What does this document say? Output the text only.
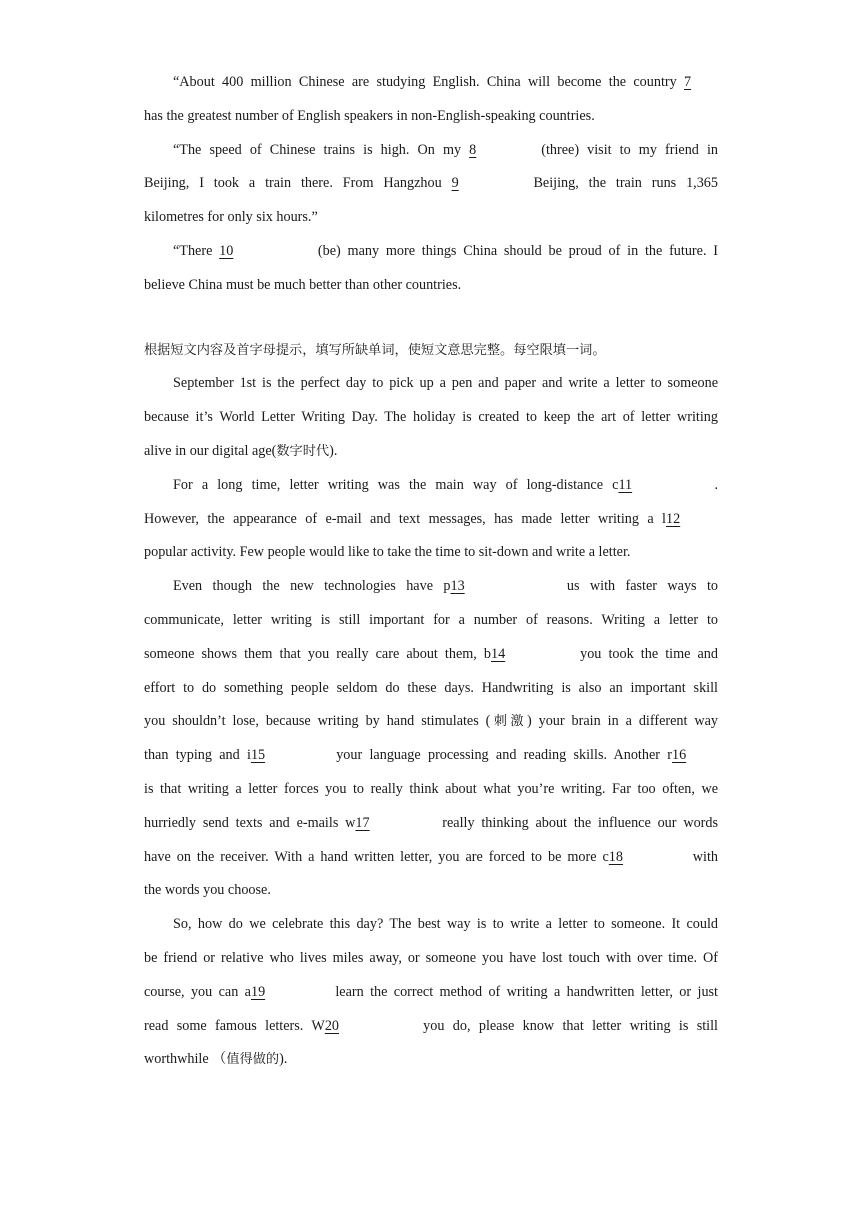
“About 400 million Chinese are studying English. China will become the country 7
has the greatest number of English speakers in non-English-speaking countries.
“The speed of Chinese trains is high. On my 8	(three) visit to my friend in
Beijing, I took a train there. From Hangzhou 9	Beijing, the train runs 1,365
kilometres for only six hours.”
“There 10	(be) many more things China should be proud of in the future. I
believe China must be much better than other countries.
根据短文内容及首字母提示，填写所缺单词，使短文意思完整。每空限填一词。
September 1st is the perfect day to pick up a pen and paper and write a letter to someone
because it’s World Letter Writing Day. The holiday is created to keep the art of letter writing
alive in our digital age(数字时代).
For a long time, letter writing was the main way of long-distance c11	.
However, the appearance of e-mail and text messages, has made letter writing a l12
popular activity. Few people would like to take the time to sit-down and write a letter.
Even though the new technologies have p13	us with faster ways to
communicate, letter writing is still important for a number of reasons. Writing a letter to
someone shows them that you really care about them, b14	you took the time and
effort to do something people seldom do these days. Handwriting is also an important skill
you shouldn’t lose, because writing by hand stimulates (刺激) your brain in a different way
than typing and i15	your language processing and reading skills. Another r16
is that writing a letter forces you to really think about what you’re writing. Far too often, we
hurriedly send texts and e-mails w17	really thinking about the influence our words
have on the receiver. With a hand written letter, you are forced to be more c18	with
the words you choose.
So, how do we celebrate this day? The best way is to write a letter to someone. It could
be friend or relative who lives miles away, or someone you have lost touch with over time. Of
course, you can a19	learn the correct method of writing a handwritten letter, or just
read some famous letters. W20	you do, please know that letter writing is still
worthwhile （值得做的).
